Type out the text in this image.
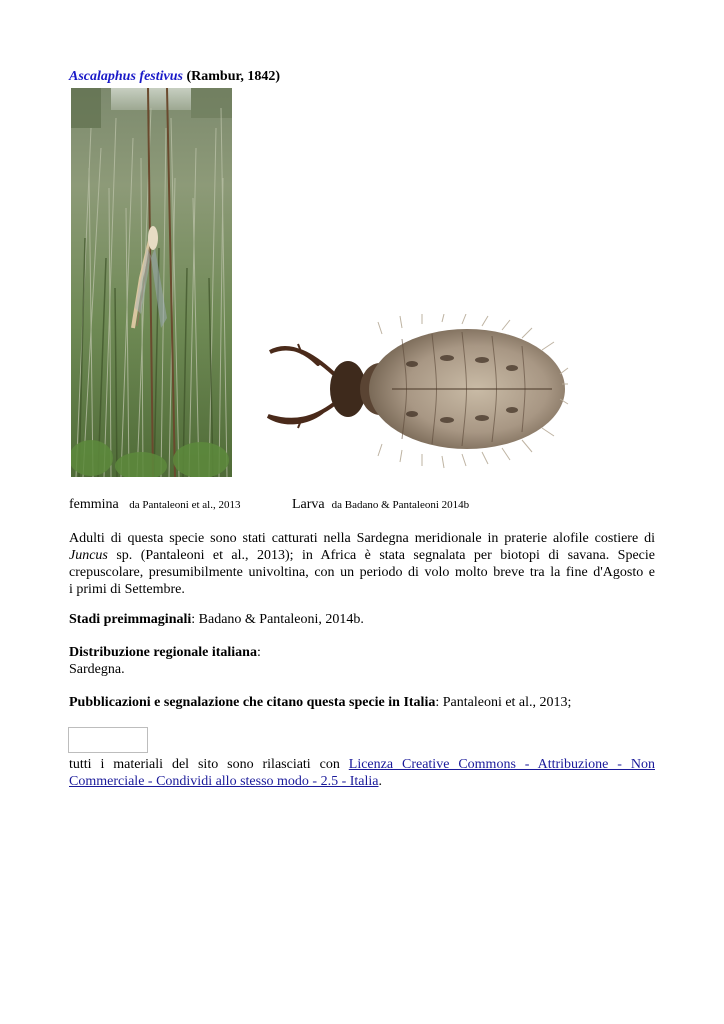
Ascalaphus festivus (Rambur, 1842)
femmina da Pantaleoni et al., 2013	Larva da Badano & Pantaleoni 2014b
Adulti di questa specie sono stati catturati nella Sardegna meridionale in praterie alofile costiere di
Juncus sp. (Pantaleoni et al., 2013); in Africa è stata segnalata per biotopi di savana. Specie
crepuscolare, presumibilmente univoltina, con un periodo di volo molto breve tra la fine d'Agosto e
i primi di Settembre.
Stadi preimmaginali: Badano & Pantaleoni, 2014b.
Distribuzione regionale italiana:
Sardegna.
Pubblicazioni e segnalazione che citano questa specie in Italia: Pantaleoni et al., 2013;
tutti i materiali del sito sono rilasciati con Licenza Creative Commons - Attribuzione - Non
Commerciale - Condividi allo stesso modo - 2.5 - Italia.
